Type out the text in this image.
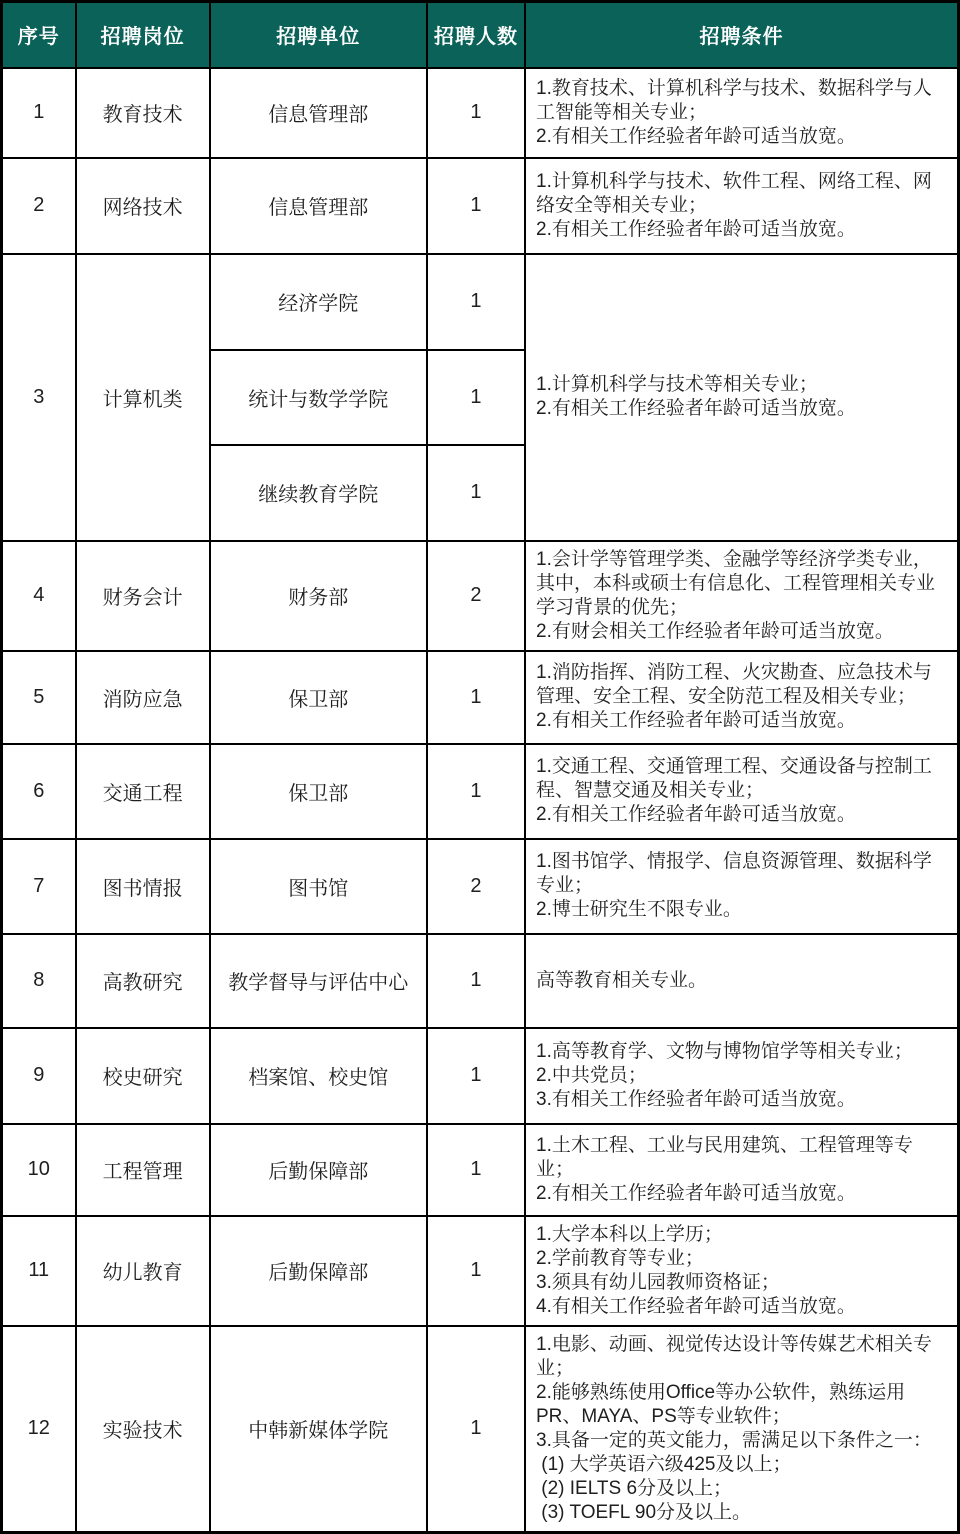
序号	招聘岗位	招聘单位	招聘人数	招聘条件
1	教育技术	信息管理部	1	1.教育技术、计算机科学与技术、数据科学与人工智能等相关专业；
2.有相关工作经验者年龄可适当放宽。

2	网络技术	信息管理部	1	1.计算机科学与技术、软件工程、网络工程、网络安全等相关专业；
2.有相关工作经验者年龄可适当放宽。

3	计算机类	经济学院	1	1.计算机科学与技术等相关专业；
2.有相关工作经验者年龄可适当放宽。

		统计与数学学院	1	
		继续教育学院	1	
4	财务会计	财务部	2	1.会计学等管理学类、金融学等经济学类专业，其中，本科或硕士有信息化、工程管理相关专业学习背景的优先；
2.有财会相关工作经验者年龄可适当放宽。

5	消防应急	保卫部	1	1.消防指挥、消防工程、火灾勘查、应急技术与管理、安全工程、安全防范工程及相关专业；
2.有相关工作经验者年龄可适当放宽。

6	交通工程	保卫部	1	1.交通工程、交通管理工程、交通设备与控制工程、智慧交通及相关专业；
2.有相关工作经验者年龄可适当放宽。

7	图书情报	图书馆	2	1.图书馆学、情报学、信息资源管理、数据科学专业；
2.博士研究生不限专业。

8	高教研究	教学督导与评估中心	1	高等教育相关专业。

9	校史研究	档案馆、校史馆	1	1.高等教育学、文物与博物馆学等相关专业；
2.中共党员；
3.有相关工作经验者年龄可适当放宽。

10	工程管理	后勤保障部	1	1.土木工程、工业与民用建筑、工程管理等专业；
2.有相关工作经验者年龄可适当放宽。

11	幼儿教育	后勤保障部	1	1.大学本科以上学历；
2.学前教育等专业；
3.须具有幼儿园教师资格证；
4.有相关工作经验者年龄可适当放宽。

12	实验技术	中韩新媒体学院	1	
1.电影、动画、视觉传达设计等传媒艺术相关专业；
2.能够熟练使用Office等办公软件，熟练运用PR、MAYA、PS等专业软件；
3.具备一定的英文能力，需满足以下条件之一：
(1) 大学英语六级425及以上；
(2) IELTS 6分及以上；
(3) TOEFL 90分及以上。
